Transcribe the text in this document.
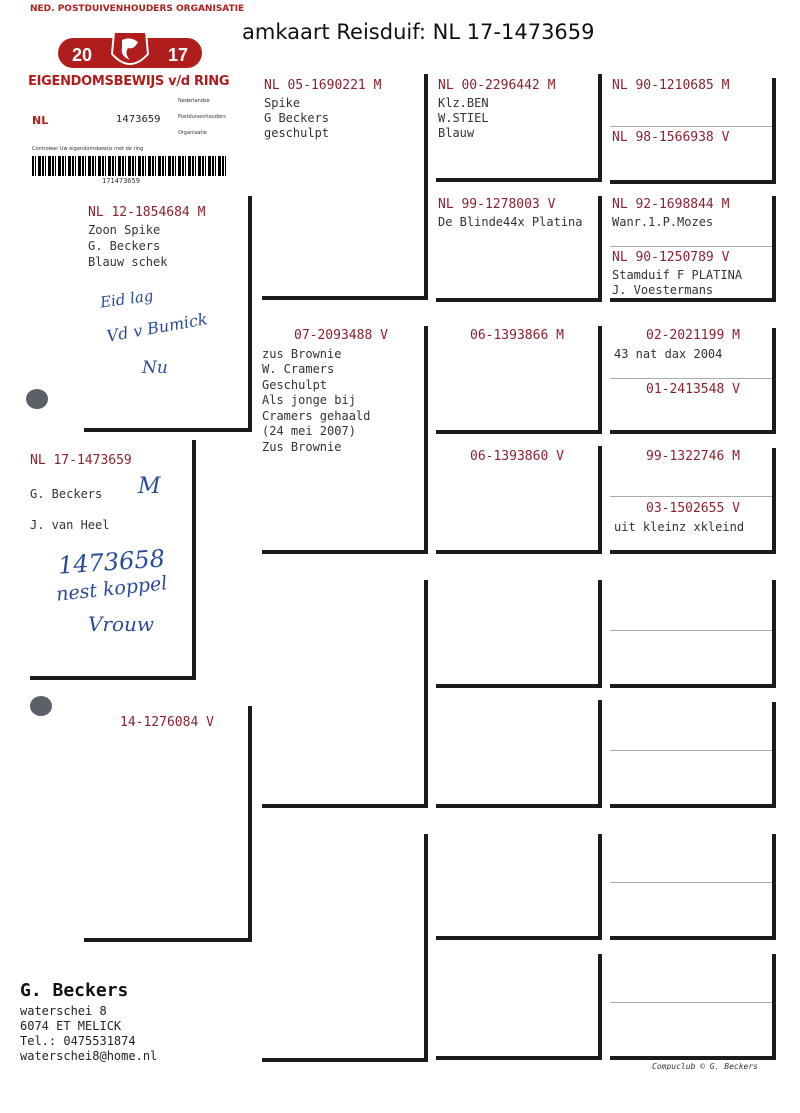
amkaart Reisduif: NL 17-1473659
NED. POSTDUIVENHOUDERS ORGANISATIE
20	17
EIGENDOMSBEWIJS v/d RING
NL	1473659
Nederlandse
Postduivenhouders
Organisatie
Controleer Uw eigendomsbewijs met de ring
171473659
NL 17-1473659
G. Beckers
J. van Heel
M
1473658
nest koppel
Vrouw
NL 12-1854684 M
Zoon Spike
G. Beckers
Blauw schek
Eid lag
Vd v Bumick
Nu
14-1276084 V
NL 05-1690221 M
Spike
G Beckers
geschulpt
07-2093488 V
zus Brownie
W. Cramers
Geschulpt
Als jonge bij
Cramers gehaald
(24 mei 2007)
Zus Brownie
NL 00-2296442 M
Klz.BEN
W.STIEL
Blauw
NL 99-1278003 V
De Blinde44x Platina
06-1393866 M
06-1393860 V
NL 90-1210685 M
NL 98-1566938 V
NL 92-1698844 M
Wanr.1.P.Mozes
NL 90-1250789 V
Stamduif F PLATINA
J. Voestermans
02-2021199 M
43 nat dax 2004
01-2413548 V
99-1322746 M
03-1502655 V
uit kleinz xkleind
G. Beckers
waterschei 8
6074 ET MELICK
Tel.: 0475531874
waterschei8@home.nl
Compuclub © G. Beckers
